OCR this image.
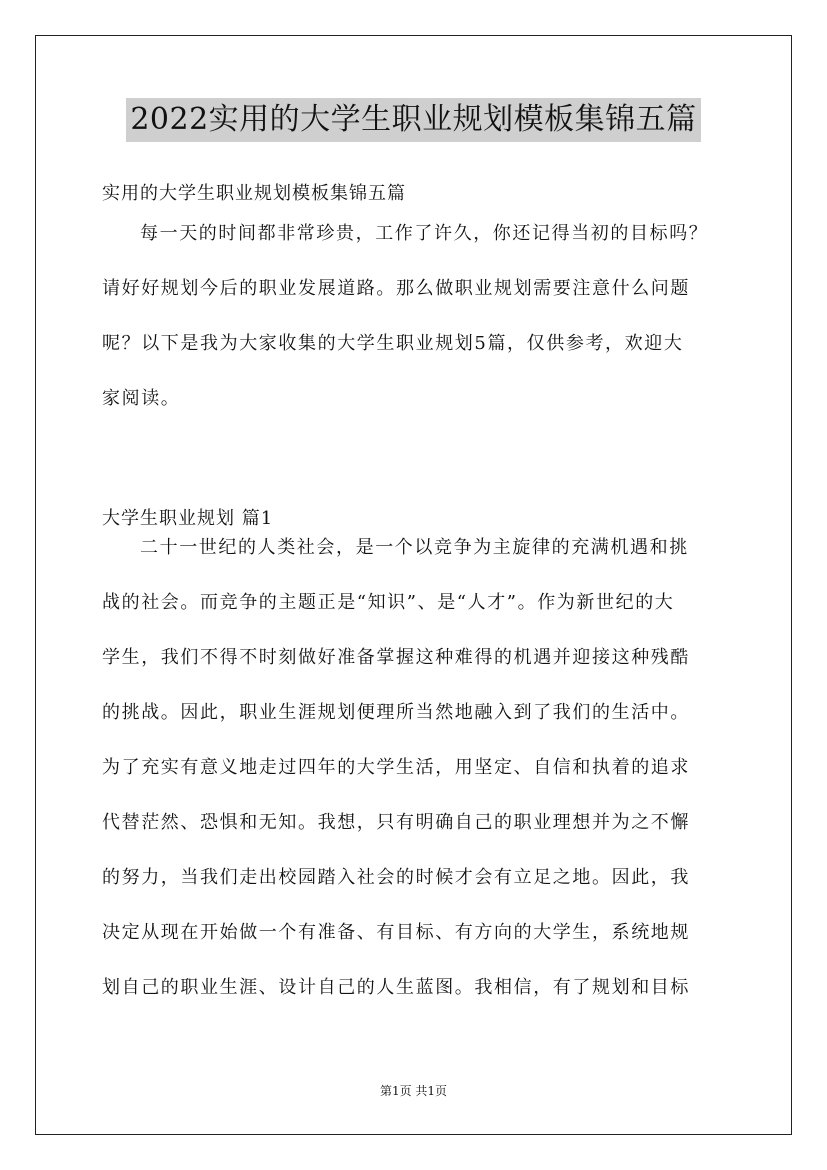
2022实用的大学生职业规划模板集锦五篇
实用的大学生职业规划模板集锦五篇

每一天的时间都非常珍贵，工作了许久，你还记得当初的目标吗？
请好好规划今后的职业发展道路。那么做职业规划需要注意什么问题
呢？以下是我为大家收集的大学生职业规划5篇，仅供参考，欢迎大
家阅读。

大学生职业规划 篇1

二十一世纪的人类社会，是一个以竞争为主旋律的充满机遇和挑
战的社会。而竞争的主题正是“知识”、是“人才”。作为新世纪的大
学生，我们不得不时刻做好准备掌握这种难得的机遇并迎接这种残酷
的挑战。因此，职业生涯规划便理所当然地融入到了我们的生活中。
为了充实有意义地走过四年的大学生活，用坚定、自信和执着的追求
代替茫然、恐惧和无知。我想，只有明确自己的职业理想并为之不懈
的努力，当我们走出校园踏入社会的时候才会有立足之地。因此，我
决定从现在开始做一个有准备、有目标、有方向的大学生，系统地规
划自己的职业生涯、设计自己的人生蓝图。我相信，有了规划和目标

第1页 共1页
